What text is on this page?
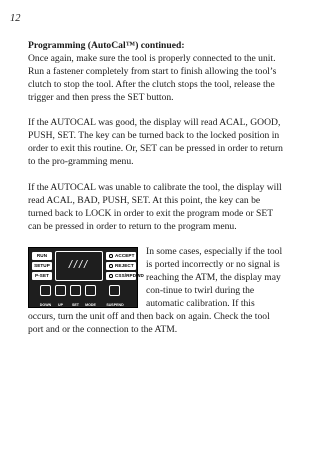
12
Programming (AutoCal™) continued:

Once again, make sure the tool is properly connected to the unit. Run a fastener completely from start to finish allowing the tool’s clutch to stop the tool. After the clutch stops the tool, release the trigger and then press the SET button.

If the AUTOCAL was good, the display will read ACAL, GOOD, PUSH, SET. The key can be turned back to the locked position in order to exit this routine. Or, SET can be pressed in order to return to the pro-gramming menu.

If the AUTOCAL was unable to calibrate the tool, the display will read ACAL, BAD, PUSH, SET. At this point, the key can be turned back to LOCK in order to exit the program mode or SET can be pressed in order to return to the program menu.

RUN
SETUP
P-SET
////
ACCEPT
REJECT
CSS/RPDWD
DOWN	UP	SET	MODE	SUSPEND

In some cases, especially if the tool is ported incorrectly or no signal is reaching the ATM, the display may con-tinue to twirl during the automatic calibration. If this occurs, turn the unit off and then back on again. Check the tool port and or the connection to the ATM.
